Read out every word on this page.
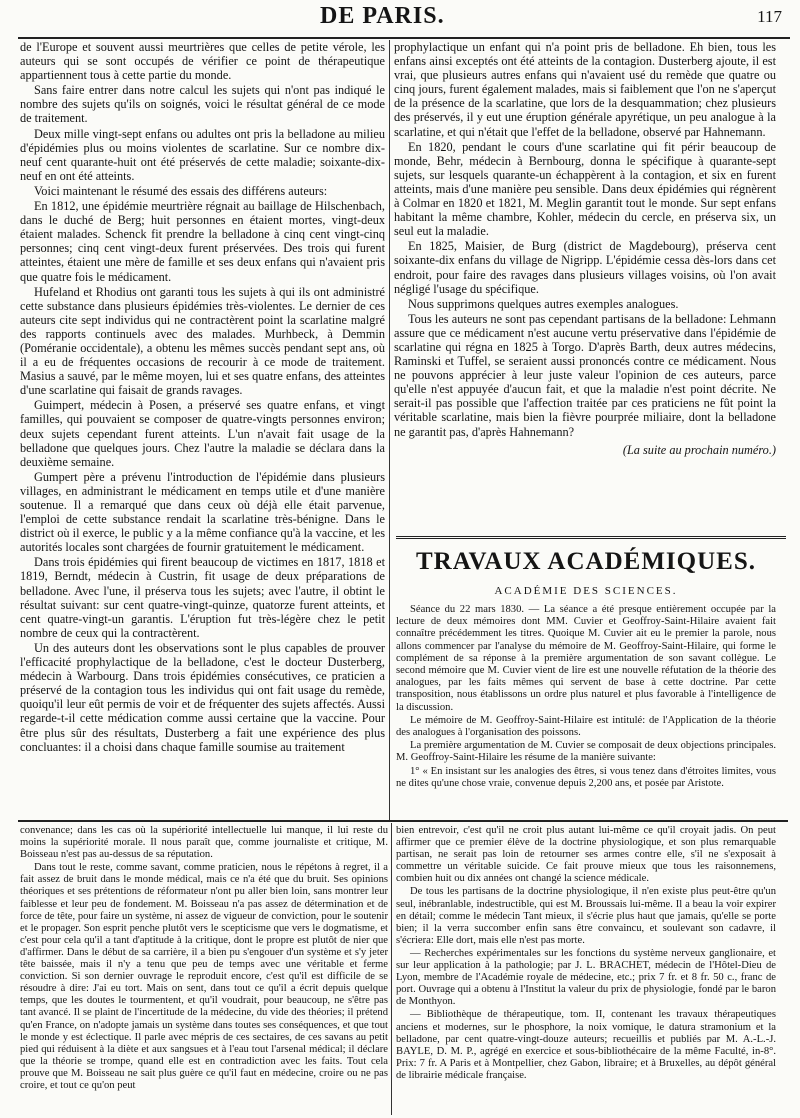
DE PARIS.	117

de l'Europe et souvent aussi meurtrières que celles de petite vérole, les auteurs qui se sont occupés de vérifier ce point de thérapeutique appartiennent tous à cette partie du monde.

Sans faire entrer dans notre calcul les sujets qui n'ont pas indiqué le nombre des sujets qu'ils on soignés, voici le résultat général de ce mode de traitement.

Deux mille vingt-sept enfans ou adultes ont pris la belladone au milieu d'épidémies plus ou moins violentes de scarlatine. Sur ce nombre dix-neuf cent quarante-huit ont été préservés de cette maladie; soixante-dix-neuf en ont été atteints.

Voici maintenant le résumé des essais des différens auteurs:

En 1812, une épidémie meurtrière régnait au baillage de Hilschenbach, dans le duché de Berg; huit personnes en étaient mortes, vingt-deux étaient malades. Schenck fit prendre la belladone à cinq cent vingt-cinq personnes; cinq cent vingt-deux furent préservées. Des trois qui furent atteintes, étaient une mère de famille et ses deux enfans qui n'avaient pris que quatre fois le médicament.

Hufeland et Rhodius ont garanti tous les sujets à qui ils ont administré cette substance dans plusieurs épidémies très-violentes. Le dernier de ces auteurs cite sept individus qui ne contractèrent point la scarlatine malgré des rapports continuels avec des malades. Murhbeck, à Demmin (Poméranie occidentale), a obtenu les mêmes succès pendant sept ans, où il a eu de fréquentes occasions de recourir à ce mode de traitement. Masius a sauvé, par le même moyen, lui et ses quatre enfans, des atteintes d'une scarlatine qui faisait de grands ravages.

Guimpert, médecin à Posen, a préservé ses quatre enfans, et vingt familles, qui pouvaient se composer de quatre-vingts personnes environ; deux sujets cependant furent atteints. L'un n'avait fait usage de la belladone que quelques jours. Chez l'autre la maladie se déclara dans la deuxième semaine.

Gumpert père a prévenu l'introduction de l'épidémie dans plusieurs villages, en administrant le médicament en temps utile et d'une manière soutenue. Il a remarqué que dans ceux où déjà elle était parvenue, l'emploi de cette substance rendait la scarlatine très-bénigne. Dans le district où il exerce, le public y a la même confiance qu'à la vaccine, et les autorités locales sont chargées de fournir gratuitement le médicament.

Dans trois épidémies qui firent beaucoup de victimes en 1817, 1818 et 1819, Berndt, médecin à Custrin, fit usage de deux préparations de belladone. Avec l'une, il préserva tous les sujets; avec l'autre, il obtint le résultat suivant: sur cent quatre-vingt-quinze, quatorze furent atteints, et cent quatre-vingt-un garantis. L'éruption fut très-légère chez le petit nombre de ceux qui la contractèrent.

Un des auteurs dont les observations sont le plus capables de prouver l'efficacité prophylactique de la belladone, c'est le docteur Dusterberg, médecin à Warbourg. Dans trois épidémies consécutives, ce praticien a préservé de la contagion tous les individus qui ont fait usage du remède, quoiqu'il leur eût permis de voir et de fréquenter des sujets affectés. Aussi regarde-t-il cette médication comme aussi certaine que la vaccine. Pour être plus sûr des résultats, Dusterberg a fait une expérience des plus concluantes: il a choisi dans chaque famille soumise au traitement

prophylactique un enfant qui n'a point pris de belladone. Eh bien, tous les enfans ainsi exceptés ont été atteints de la contagion. Dusterberg ajoute, il est vrai, que plusieurs autres enfans qui n'avaient usé du remède que quatre ou cinq jours, furent également malades, mais si faiblement que l'on ne s'aperçut de la présence de la scarlatine, que lors de la desquammation; chez plusieurs des préservés, il y eut une éruption générale apyrétique, un peu analogue à la scarlatine, et qui n'était que l'effet de la belladone, observé par Hahnemann.

En 1820, pendant le cours d'une scarlatine qui fit périr beaucoup de monde, Behr, médecin à Bernbourg, donna le spécifique à quarante-sept sujets, sur lesquels quarante-un échappèrent à la contagion, et six en furent atteints, mais d'une manière peu sensible. Dans deux épidémies qui régnèrent à Colmar en 1820 et 1821, M. Meglin garantit tout le monde. Sur sept enfans habitant la même chambre, Kohler, médecin du cercle, en préserva six, un seul eut la maladie.

En 1825, Maisier, de Burg (district de Magdebourg), préserva cent soixante-dix enfans du village de Nigripp. L'épidémie cessa dès-lors dans cet endroit, pour faire des ravages dans plusieurs villages voisins, où l'on avait négligé l'usage du spécifique.

Nous supprimons quelques autres exemples analogues.

Tous les auteurs ne sont pas cependant partisans de la belladone: Lehmann assure que ce médicament n'est aucune vertu préservative dans l'épidémie de scarlatine qui régna en 1825 à Torgo. D'après Barth, deux autres médecins, Raminski et Tuffel, se seraient aussi prononcés contre ce médicament. Nous ne pouvons apprécier à leur juste valeur l'opinion de ces auteurs, parce qu'elle n'est appuyée d'aucun fait, et que la maladie n'est point décrite. Ne serait-il pas possible que l'affection traitée par ces praticiens ne fût point la véritable scarlatine, mais bien la fièvre pourprée miliaire, dont la belladone ne garantit pas, d'après Hahnemann?

(La suite au prochain numéro.)
TRAVAUX ACADÉMIQUES.
ACADÉMIE DES SCIENCES.

Séance du 22 mars 1830. — La séance a été presque entièrement occupée par la lecture de deux mémoires dont MM. Cuvier et Geoffroy-Saint-Hilaire avaient fait connaître précédemment les titres. Quoique M. Cuvier ait eu le premier la parole, nous allons commencer par l'analyse du mémoire de M. Geoffroy-Saint-Hilaire, qui forme le complément de sa réponse à la première argumentation de son savant collègue. Le second mémoire que M. Cuvier vient de lire est une nouvelle réfutation de la théorie des analogues, par les faits mêmes qui servent de base à cette doctrine. Par cette transposition, nous établissons un ordre plus naturel et plus favorable à l'intelligence de la discussion.

Le mémoire de M. Geoffroy-Saint-Hilaire est intitulé: de l'Application de la théorie des analogues à l'organisation des poissons.

La première argumentation de M. Cuvier se composait de deux objections principales. M. Geoffroy-Saint-Hilaire les résume de la manière suivante:

1° « En insistant sur les analogies des êtres, si vous tenez dans d'étroites limites, vous ne dites qu'une chose vraie, convenue depuis 2,200 ans, et posée par Aristote.

convenance; dans les cas où la supériorité intellectuelle lui manque, il lui reste du moins la supériorité morale. Il nous paraît que, comme journaliste et critique, M. Boisseau n'est pas au-dessus de sa réputation.

Dans tout le reste, comme savant, comme praticien, nous le répétons à regret, il a fait assez de bruit dans le monde médical, mais ce n'a été que du bruit. Ses opinions théoriques et ses prétentions de réformateur n'ont pu aller bien loin, sans montrer leur faiblesse et leur peu de fondement. M. Boisseau n'a pas assez de détermination et de force de tête, pour faire un système, ni assez de vigueur de conviction, pour le soutenir et le propager. Son esprit penche plutôt vers le scepticisme que vers le dogmatisme, et c'est pour cela qu'il a tant d'aptitude à la critique, dont le propre est plutôt de nier que d'affirmer. Dans le début de sa carrière, il a bien pu s'engouer d'un système et s'y jeter tête baissée, mais il n'y a tenu que peu de temps avec une véritable et ferme conviction. Si son dernier ouvrage le reproduit encore, c'est qu'il est difficile de se résoudre à dire: J'ai eu tort. Mais on sent, dans tout ce qu'il a écrit depuis quelque temps, que les doutes le tourmentent, et qu'il voudrait, pour beaucoup, ne s'être pas tant avancé. Il se plaint de l'incertitude de la médecine, du vide des théories; il prétend qu'en France, on n'adopte jamais un système dans toutes ses conséquences, et que tout le monde y est éclectique. Il parle avec mépris de ces sectaires, de ces savans au petit pied qui réduisent à la diète et aux sangsues et à l'eau tout l'arsenal médical; il déclare que la théorie se trompe, quand elle est en contradiction avec les faits. Tout cela prouve que M. Boisseau ne sait plus guère ce qu'il faut en médecine, croire ou ne pas croire, et tout ce qu'on peut

bien entrevoir, c'est qu'il ne croit plus autant lui-même ce qu'il croyait jadis. On peut affirmer que ce premier élève de la doctrine physiologique, et son plus remarquable partisan, ne serait pas loin de retourner ses armes contre elle, s'il ne s'exposait à commettre un véritable suicide. Ce fait prouve mieux que tous les raisonnemens, combien huit ou dix années ont changé la science médicale.

De tous les partisans de la doctrine physiologique, il n'en existe plus peut-être qu'un seul, inébranlable, indestructible, qui est M. Broussais lui-même. Il a beau la voir expirer en détail; comme le médecin Tant mieux, il s'écrie plus haut que jamais, qu'elle se porte bien; il la verra succomber enfin sans être convaincu, et soulevant son cadavre, il s'écriera: Elle dort, mais elle n'est pas morte.

— Recherches expérimentales sur les fonctions du système nerveux ganglionaire, et sur leur application à la pathologie; par J. L. BRACHET, médecin de l'Hôtel-Dieu de Lyon, membre de l'Académie royale de médecine, etc.; prix 7 fr. et 8 fr. 50 c., franc de port. Ouvrage qui a obtenu à l'Institut la valeur du prix de physiologie, fondé par le baron de Monthyon.

— Bibliothèque de thérapeutique, tom. II, contenant les travaux thérapeutiques anciens et modernes, sur le phosphore, la noix vomique, le datura stramonium et la belladone, par cent quatre-vingt-douze auteurs; recueillis et publiés par M. A.-L.-J. BAYLE, D. M. P., agrégé en exercice et sous-bibliothécaire de la même Faculté, in-8°. Prix: 7 fr. A Paris et à Montpellier, chez Gabon, libraire; et à Bruxelles, au dépôt général de librairie médicale française.
